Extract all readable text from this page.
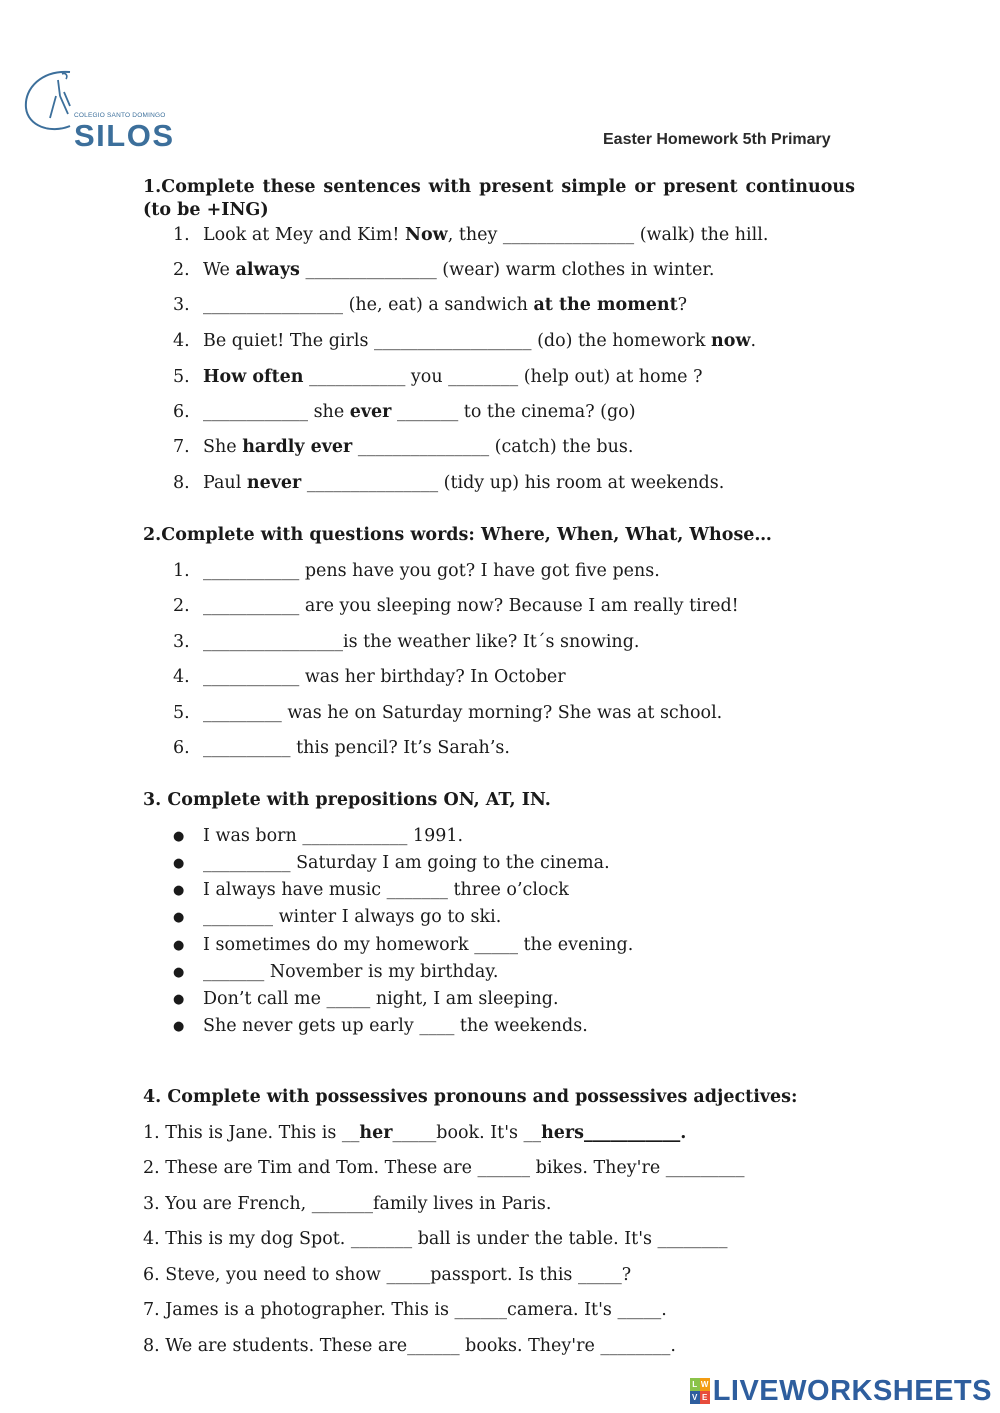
COLEGIO SANTO DOMINGO
SILOS	Easter Homework 5th Primary
1.Complete these sentences with present simple or present continuous (to be +ING)
1. Look at Mey and Kim! Now, they _______________ (walk) the hill.
2. We always _______________ (wear) warm clothes in winter.
3. ________________ (he, eat) a sandwich at the moment?
4. Be quiet! The girls __________________ (do) the homework now.
5. How often ___________ you ________ (help out) at home ?
6. ____________ she ever _______ to the cinema? (go)
7. She hardly ever _______________ (catch) the bus.
8. Paul never _______________ (tidy up) his room at weekends.
2.Complete with questions words: Where, When, What, Whose…
1. ___________ pens have you got? I have got five pens.
2. ___________ are you sleeping now? Because I am really tired!
3. ________________is the weather like? It´s snowing.
4. ___________ was her birthday? In October
5. _________ was he on Saturday morning? She was at school.
6. __________ this pencil? It’s Sarah’s.
3. Complete with prepositions ON, AT, IN.
● I was born ____________ 1991.
● __________ Saturday I am going to the cinema.
● I always have music _______ three o’clock
● ________ winter I always go to ski.
● I sometimes do my homework _____ the evening.
● _______ November is my birthday.
● Don’t call me _____ night, I am sleeping.
● She never gets up early ____ the weekends.
4. Complete with possessives pronouns and possessives adjectives:
1. This is Jane. This is __her_____book. It's __hers___________.
2. These are Tim and Tom. These are ______ bikes. They're _________
3. You are French, _______family lives in Paris.
4. This is my dog Spot. _______ ball is under the table. It's ________
6. Steve, you need to show _____passport. Is this _____?
7. James is a photographer. This is ______camera. It's _____.
8. We are students. These are______ books. They're ________.
L W
V E LIVEWORKSHEETS
